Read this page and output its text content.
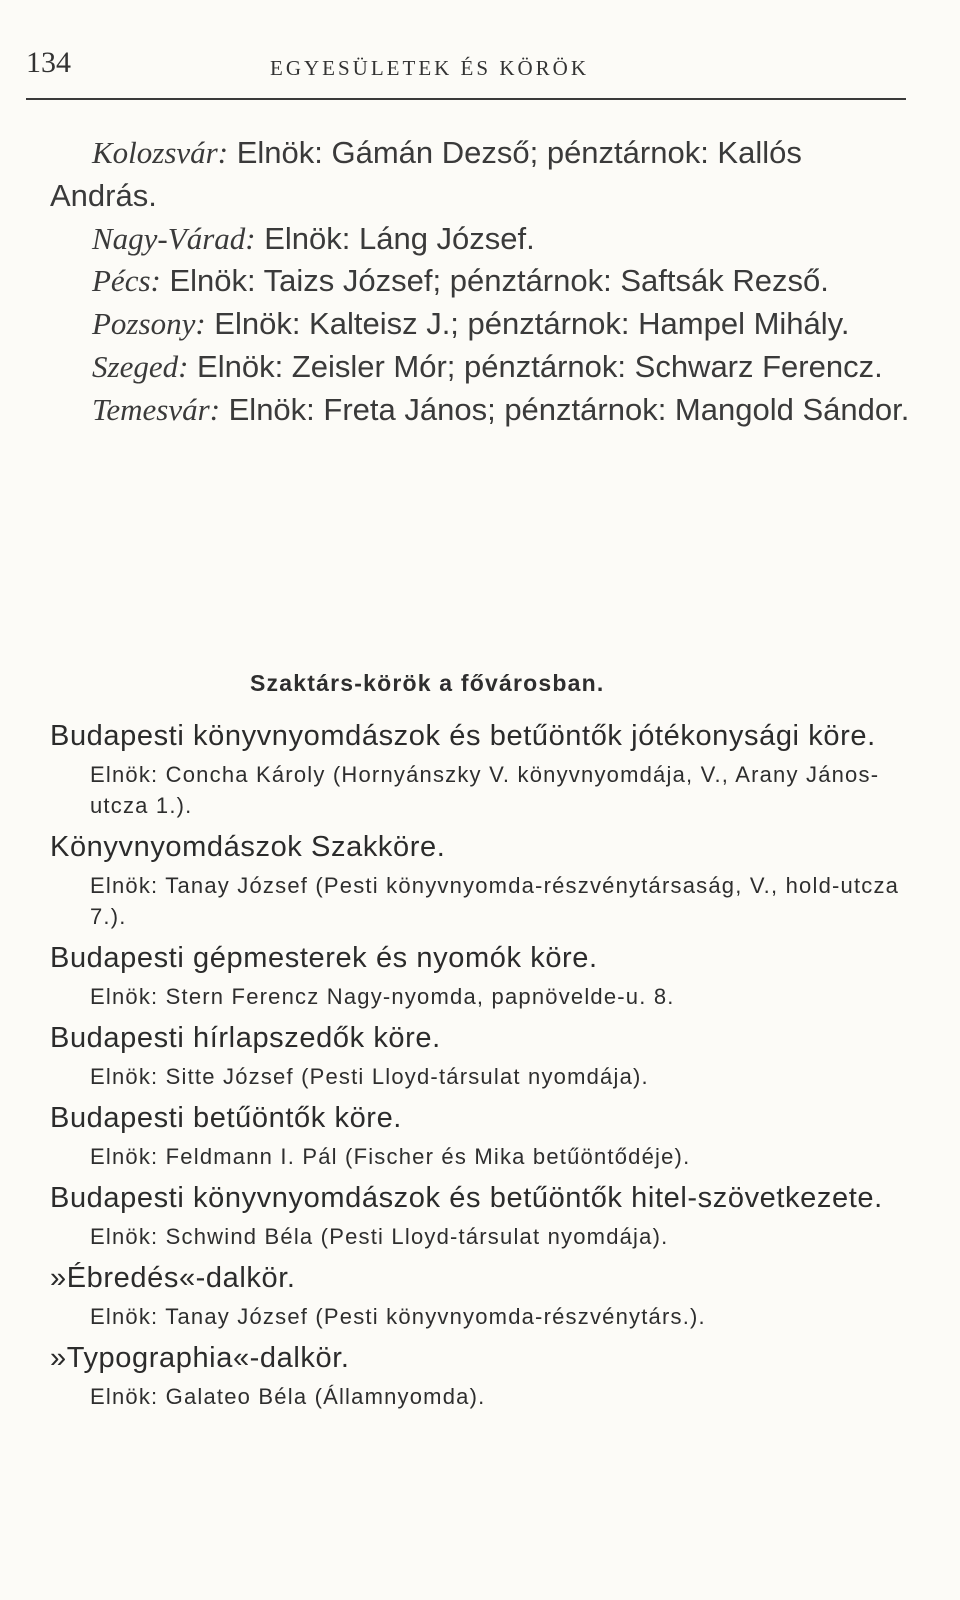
134	EGYESÜLETEK ÉS KÖRÖK

Kolozsvár: Elnök: Gámán Dezső; pénztárnok: Kallós András.

Nagy-Várad: Elnök: Láng József.

Pécs: Elnök: Taizs József; pénztárnok: Saftsák Rezső.

Pozsony: Elnök: Kalteisz J.; pénztárnok: Hampel Mihály.

Szeged: Elnök: Zeisler Mór; pénztárnok: Schwarz Ferencz.

Temesvár: Elnök: Freta János; pénztárnok: Mangold Sándor.

Szaktárs-körök a fővárosban.

Budapesti könyvnyomdászok és betűöntők jótékonysági köre.

Elnök: Concha Károly (Hornyánszky V. könyvnyomdája, V., Arany János-utcza 1.).

Könyvnyomdászok Szakköre.

Elnök: Tanay József (Pesti könyvnyomda-részvénytársaság, V., hold-utcza 7.).

Budapesti gépmesterek és nyomók köre.

Elnök: Stern Ferencz Nagy-nyomda, papnövelde-u. 8.

Budapesti hírlapszedők köre.

Elnök: Sitte József (Pesti Lloyd-társulat nyomdája).

Budapesti betűöntők köre.

Elnök: Feldmann I. Pál (Fischer és Mika betűöntődéje).

Budapesti könyvnyomdászok és betűöntők hitel-szövetkezete.

Elnök: Schwind Béla (Pesti Lloyd-társulat nyomdája).

»Ébredés«-dalkör.

Elnök: Tanay József (Pesti könyvnyomda-részvénytárs.).

»Typographia«-dalkör.

Elnök: Galateo Béla (Államnyomda).
